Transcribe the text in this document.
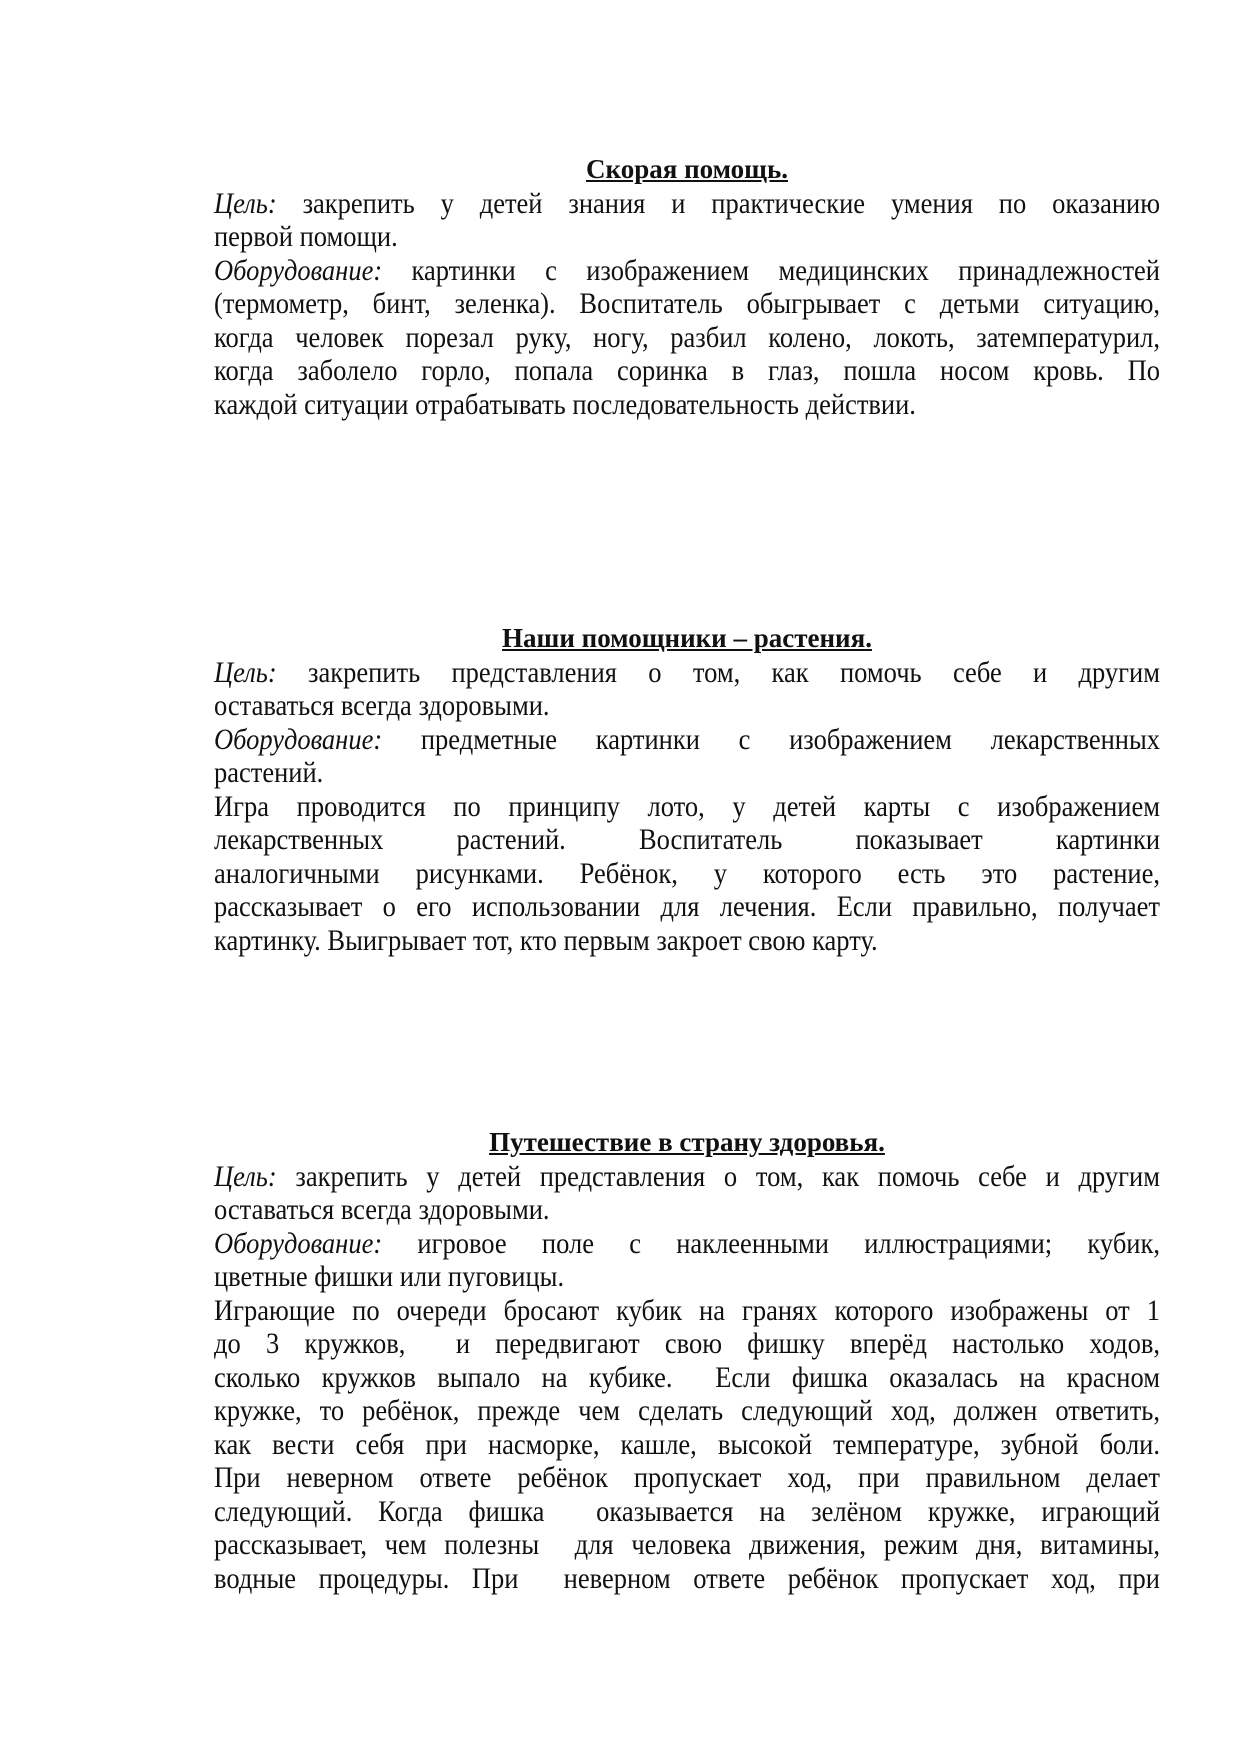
Скорая помощь.
Цель: закрепить у детей знания и практические умения по оказанию
первой помощи.
Оборудование: картинки с изображением медицинских принадлежностей
(термометр, бинт, зеленка). Воспитатель обыгрывает с детьми ситуацию,
когда человек порезал руку, ногу, разбил колено, локоть, затемпературил,
когда заболело горло, попала соринка в глаз, пошла носом кровь. По
каждой ситуации отрабатывать последовательность действии.
Наши помощники – растения.
Цель: закрепить представления о том, как помочь себе и другим
оставаться всегда здоровыми.
Оборудование: предметные картинки с изображением лекарственных
растений.
Игра проводится по принципу лото, у детей карты с изображением
лекарственных растений. Воспитатель показывает картинки
аналогичными рисунками. Ребёнок, у которого есть это растение,
рассказывает о его использовании для лечения. Если правильно, получает
картинку. Выигрывает тот, кто первым закроет свою карту.
Путешествие в страну здоровья.
Цель: закрепить у детей представления о том, как помочь себе и другим
оставаться всегда здоровыми.
Оборудование: игровое поле с наклеенными иллюстрациями; кубик,
цветные фишки или пуговицы.
Играющие по очереди бросают кубик на гранях которого изображены от 1
до 3 кружков,  и передвигают свою фишку вперёд настолько ходов,
сколько кружков выпало на кубике.  Если фишка оказалась на красном
кружке, то ребёнок, прежде чем сделать следующий ход, должен ответить,
как вести себя при насморке, кашле, высокой температуре, зубной боли.
При неверном ответе ребёнок пропускает ход, при правильном делает
следующий. Когда фишка  оказывается на зелёном кружке, играющий
рассказывает, чем полезны  для человека движения, режим дня, витамины,
водные процедуры. При  неверном ответе ребёнок пропускает ход, при
